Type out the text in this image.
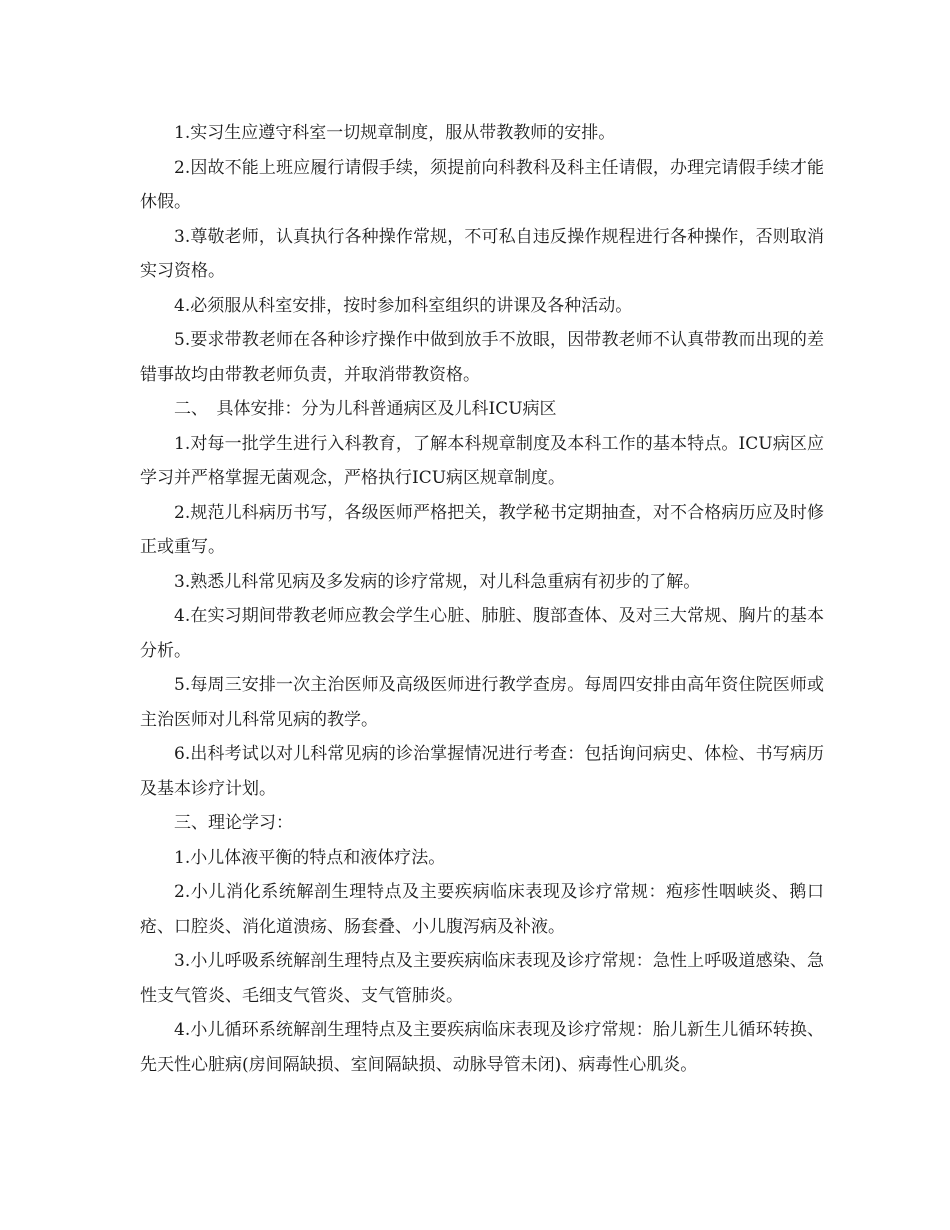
1.实习生应遵守科室一切规章制度，服从带教教师的安排。

2.因故不能上班应履行请假手续，须提前向科教科及科主任请假，办理完请假手续才能休假。

3.尊敬老师，认真执行各种操作常规，不可私自违反操作规程进行各种操作，否则取消实习资格。

4.必须服从科室安排，按时参加科室组织的讲课及各种活动。

5.要求带教老师在各种诊疗操作中做到放手不放眼，因带教老师不认真带教而出现的差错事故均由带教老师负责，并取消带教资格。

二、　具体安排：分为儿科普通病区及儿科ICU病区

1.对每一批学生进行入科教育，了解本科规章制度及本科工作的基本特点。ICU病区应学习并严格掌握无菌观念，严格执行ICU病区规章制度。

2.规范儿科病历书写，各级医师严格把关，教学秘书定期抽查，对不合格病历应及时修正或重写。

3.熟悉儿科常见病及多发病的诊疗常规，对儿科急重病有初步的了解。

4.在实习期间带教老师应教会学生心脏、肺脏、腹部查体、及对三大常规、胸片的基本分析。

5.每周三安排一次主治医师及高级医师进行教学查房。每周四安排由高年资住院医师或主治医师对儿科常见病的教学。

6.出科考试以对儿科常见病的诊治掌握情况进行考查：包括询问病史、体检、书写病历及基本诊疗计划。

三、理论学习：

1.小儿体液平衡的特点和液体疗法。

2.小儿消化系统解剖生理特点及主要疾病临床表现及诊疗常规：疱疹性咽峡炎、鹅口疮、口腔炎、消化道溃疡、肠套叠、小儿腹泻病及补液。

3.小儿呼吸系统解剖生理特点及主要疾病临床表现及诊疗常规：急性上呼吸道感染、急性支气管炎、毛细支气管炎、支气管肺炎。

4.小儿循环系统解剖生理特点及主要疾病临床表现及诊疗常规：胎儿新生儿循环转换、先天性心脏病(房间隔缺损、室间隔缺损、动脉导管未闭)、病毒性心肌炎。
